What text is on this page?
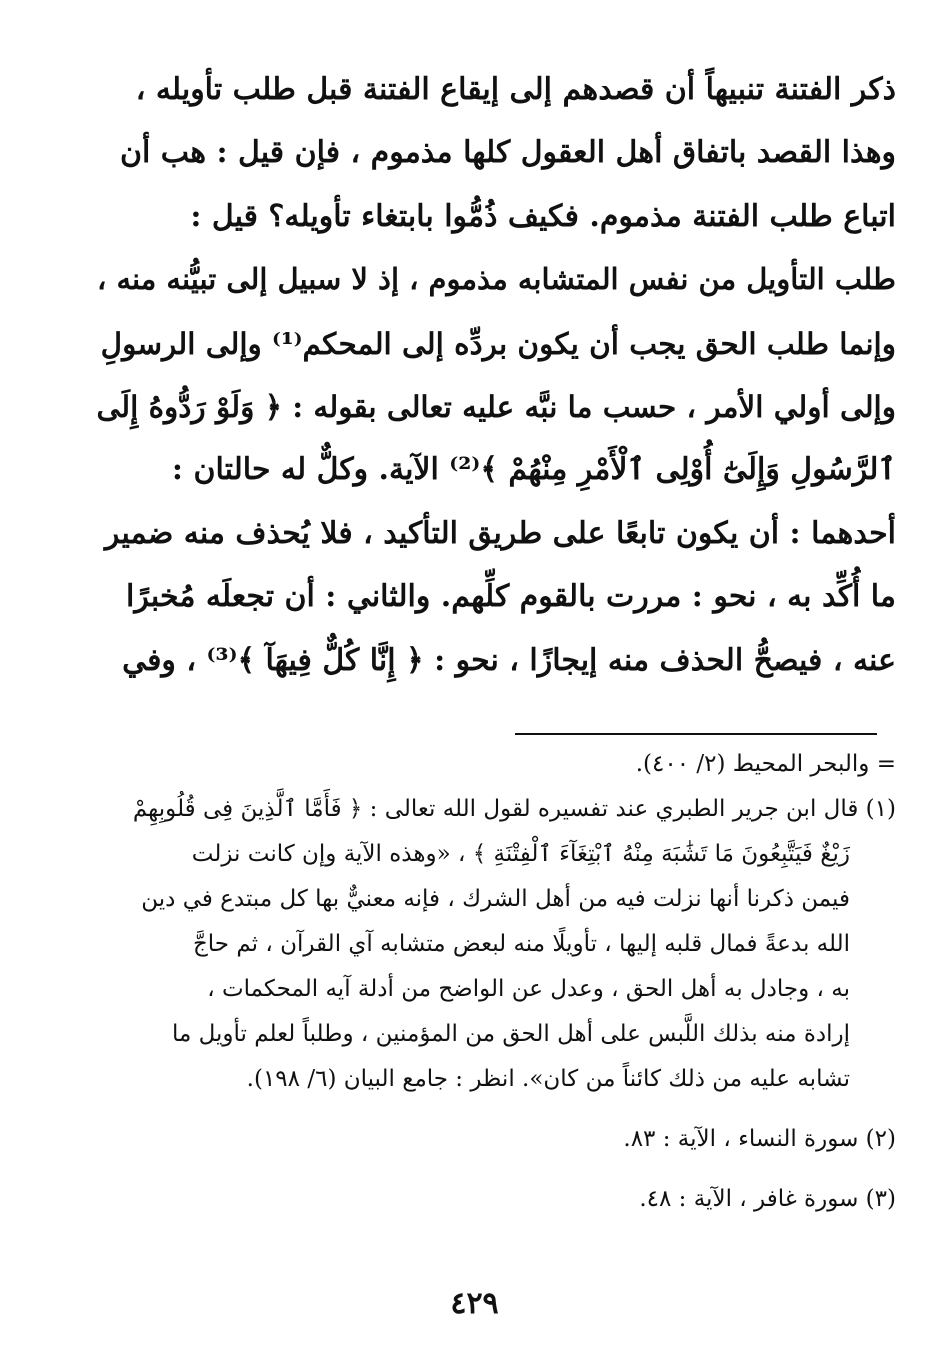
ذكر الفتنة تنبيهاً أن قصدهم إلى إيقاع الفتنة قبل طلب تأويله ،
وهذا القصد باتفاق أهل العقول كلها مذموم ، فإن قيل : هب أن
اتباع طلب الفتنة مذموم. فكيف ذُمُّوا بابتغاء تأويله؟ قيل :
طلب التأويل من نفس المتشابه مذموم ، إذ لا سبيل إلى تبيُّنه منه ،
وإنما طلب الحق يجب أن يكون بردِّه إلى المحكم⁽¹⁾ وإلى الرسولِ
وإلى أولي الأمر ، حسب ما نبَّه عليه تعالى بقوله : ﴿ وَلَوْ رَدُّوهُ إِلَى
ٱلرَّسُولِ وَإِلَىٰٓ أُوْلِى ٱلْأَمْرِ مِنْهُمْ ﴾⁽²⁾ الآية. وكلٌّ له حالتان :
أحدهما : أن يكون تابعًا على طريق التأكيد ، فلا يُحذف منه ضمير
ما أُكِّد به ، نحو : مررت بالقوم كلِّهم. والثاني : أن تجعلَه مُخبرًا
عنه ، فيصحُّ الحذف منه إيجازًا ، نحو : ﴿ إِنَّا كُلٌّ فِيهَآ ﴾⁽³⁾ ، وفي
= والبحر المحيط (٢/ ٤٠٠).
(١) قال ابن جرير الطبري عند تفسيره لقول الله تعالى : ﴿ فَأَمَّا ٱلَّذِينَ فِى قُلُوبِهِمْ
زَيْغٌ فَيَتَّبِعُونَ مَا تَشَٰبَهَ مِنْهُ ٱبْتِغَآءَ ٱلْفِتْنَةِ ﴾ ، «وهذه الآية وإن كانت نزلت
فيمن ذكرنا أنها نزلت فيه من أهل الشرك ، فإنه معنيٌّ بها كل مبتدع في دين
الله بدعةً فمال قلبه إليها ، تأويلًا منه لبعض متشابه آي القرآن ، ثم حاجَّ
به ، وجادل به أهل الحق ، وعدل عن الواضح من أدلة آيه المحكمات ،
إرادة منه بذلك اللَّبس على أهل الحق من المؤمنين ، وطلباً لعلم تأويل ما
تشابه عليه من ذلك كائناً من كان». انظر : جامع البيان (٦/ ١٩٨).
(٢) سورة النساء ، الآية : ٨٣.
(٣) سورة غافر ، الآية : ٤٨.
٤٢٩
